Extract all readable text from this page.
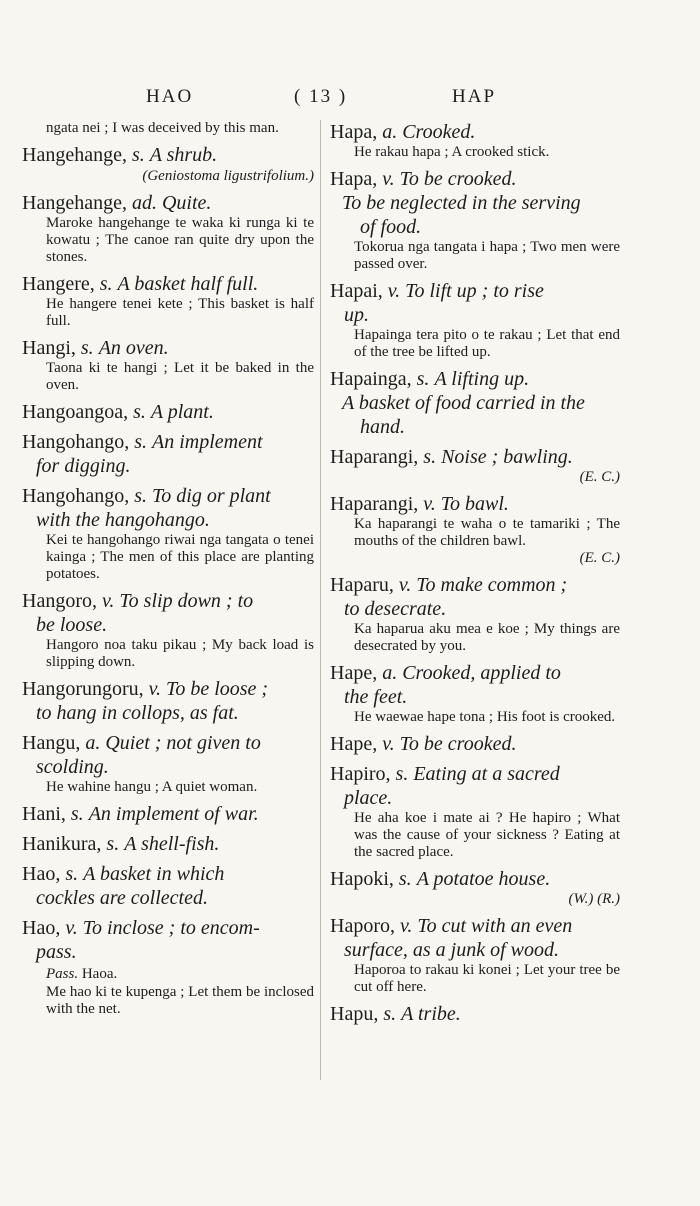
HAO	( 13 )	HAP
ngata nei ; I was deceived by this man.
Hangehange, s. A shrub.
(Geniostoma ligustrifolium.)
Hangehange, ad. Quite.
Maroke hangehange te waka ki runga ki te kowatu ; The canoe ran quite dry upon the stones.
Hangere, s. A basket half full.
He hangere tenei kete ; This basket is half full.
Hangi, s. An oven.
Taona ki te hangi ; Let it be baked in the oven.
Hangoangoa, s. A plant.
Hangohango, s. An implement
for digging.
Hangohango, s. To dig or plant
with the hangohango.
Kei te hangohango riwai nga tangata o tenei kainga ; The men of this place are planting potatoes.
Hangoro, v. To slip down ; to
be loose.
Hangoro noa taku pikau ; My back load is slipping down.
Hangorungoru, v. To be loose ;
to hang in collops, as fat.
Hangu, a. Quiet ; not given to
scolding.
He wahine hangu ; A quiet woman.
Hani, s. An implement of war.
Hanikura, s. A shell-fish.
Hao, s. A basket in which
cockles are collected.
Hao, v. To inclose ; to encom-
pass.
Pass. Haoa.
Me hao ki te kupenga ; Let them be inclosed with the net.
Hapa, a. Crooked.
He rakau hapa ; A crooked stick.
Hapa, v. To be crooked.
To be neglected in the serving
of food.
Tokorua nga tangata i hapa ; Two men were passed over.
Hapai, v. To lift up ; to rise
up.
Hapainga tera pito o te rakau ; Let that end of the tree be lifted up.
Hapainga, s. A lifting up.
A basket of food carried in the
hand.
Haparangi, s. Noise ; bawling.
(E. C.)
Haparangi, v. To bawl.
Ka haparangi te waha o te tamariki ; The mouths of the children bawl.
(E. C.)
Haparu, v. To make common ;
to desecrate.
Ka haparua aku mea e koe ; My things are desecrated by you.
Hape, a. Crooked, applied to
the feet.
He waewae hape tona ; His foot is crooked.
Hape, v. To be crooked.
Hapiro, s. Eating at a sacred
place.
He aha koe i mate ai ? He hapiro ; What was the cause of your sickness ? Eating at the sacred place.
Hapoki, s. A potatoe house.
(W.) (R.)
Haporo, v. To cut with an even
surface, as a junk of wood.
Haporoa to rakau ki konei ; Let your tree be cut off here.
Hapu, s. A tribe.
